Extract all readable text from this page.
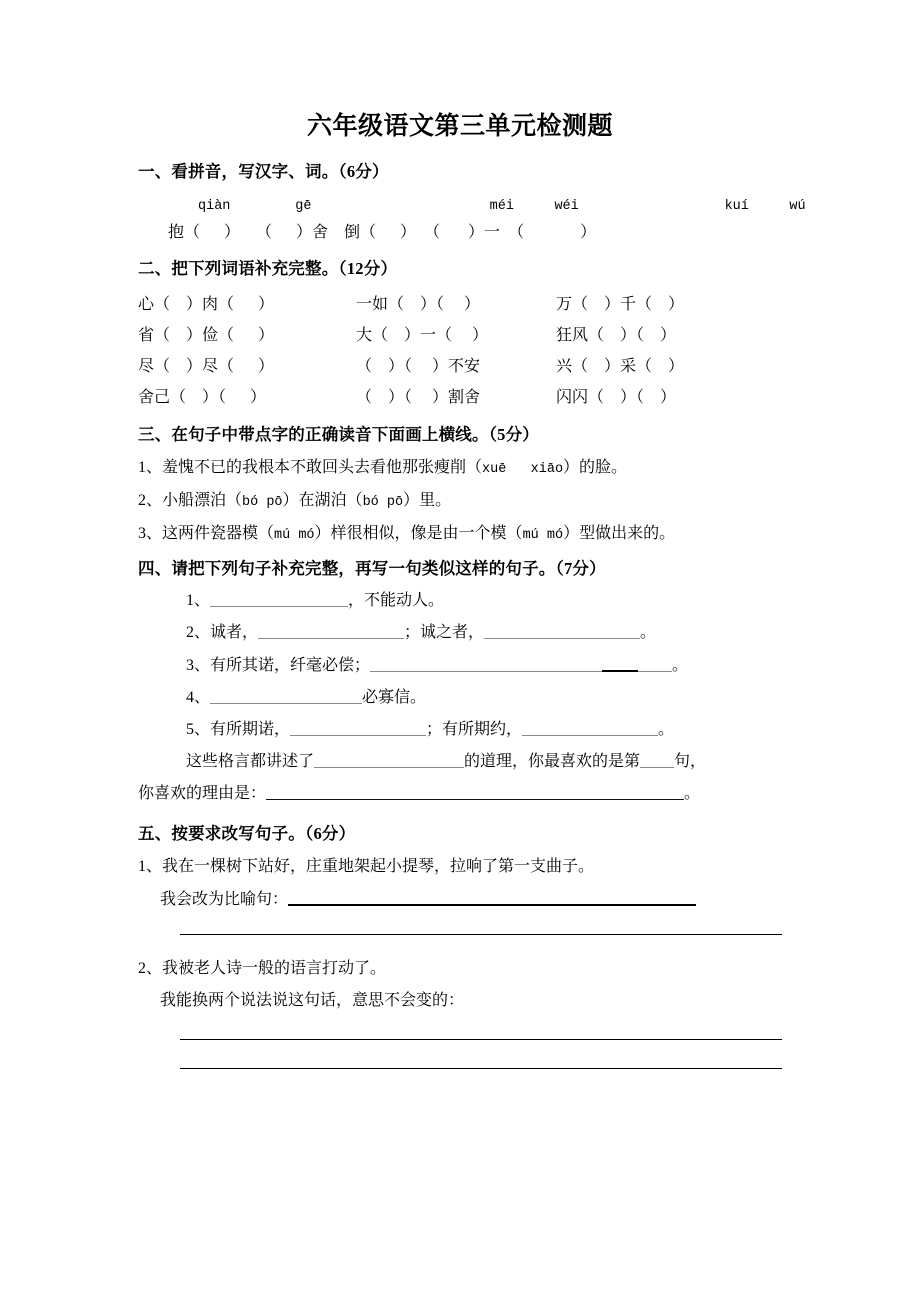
六年级语文第三单元检测题
一、看拼音，写汉字、词。（6分）
qiàn        gē                      méi     wéi                  kuí     wú
抱（      ） （      ）舍 倒（      ） （       ）一 （              ）
二、把下列词语补充完整。（12分）
心（    ）肉（      ）	一如（    ）（     ）	万（    ）千（    ）
省（    ）俭（      ）	大（    ）一（     ）	狂风（    ）（    ）
尽（    ）尽（      ）	（    ）（     ）不安	兴（    ）采（    ）
舍己（    ）（      ）	（    ）（     ）割舍	闪闪（    ）（    ）
三、在句子中带点字的正确读音下面画上横线。（5分）
1、羞愧不已的我根本不敢回头去看他那张瘦削（xuē   xiāo）的脸。
2、小船漂泊（bó pō）在湖泊（bó pō）里。
3、这两件瓷器模（mú mó）样很相似，像是由一个模（mú mó）型做出来的。
四、请把下列句子补充完整，再写一句类似这样的句子。（7分）
1、	，不能动人。
2、诚者，	；诚之者，	。
3、有所其诺，纤毫必偿；	。
4、	必寡信。
5、有所期诺，	；有所期约，	。
这些格言都讲述了	的道理，你最喜欢的是第 句，
你喜欢的理由是：	。
五、按要求改写句子。（6分）
1、我在一棵树下站好，庄重地架起小提琴，拉响了第一支曲子。
我会改为比喻句：
2、我被老人诗一般的语言打动了。
我能换两个说法说这句话，意思不会变的：
